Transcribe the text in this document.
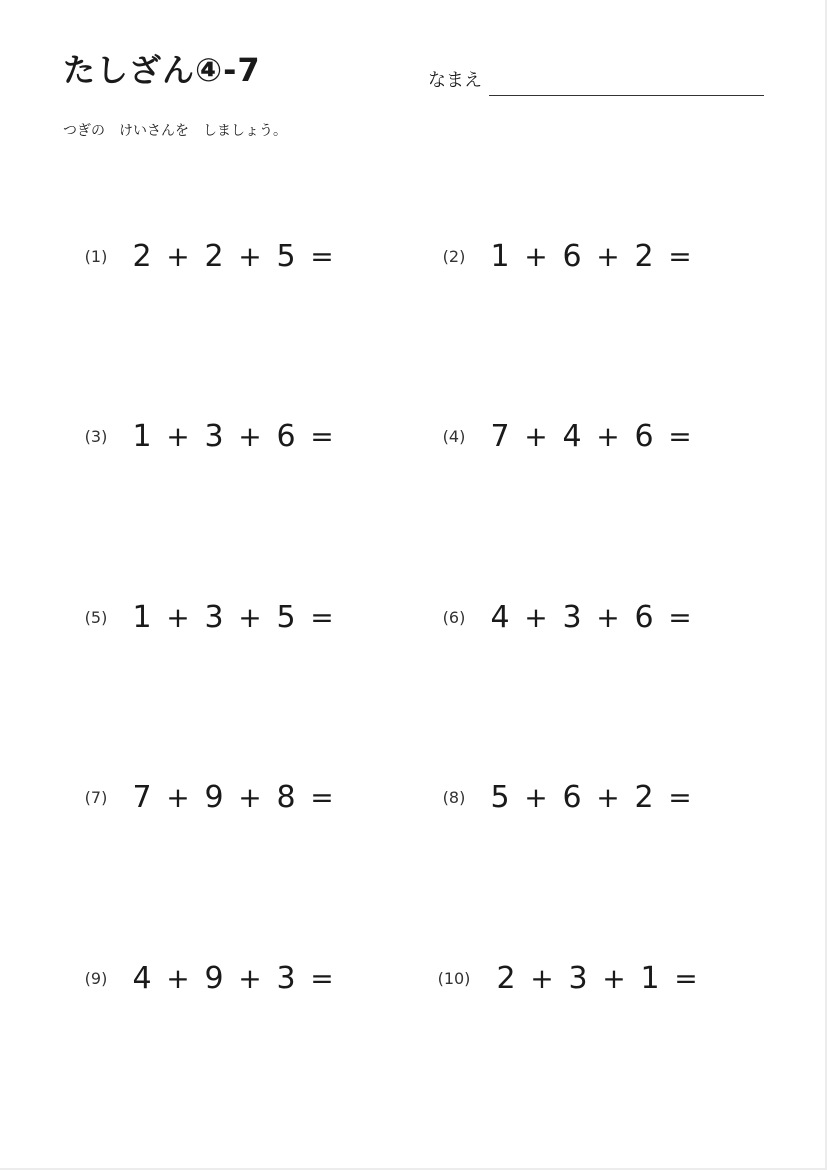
たしざん④-7	なまえ
つぎの　けいさんを　しましょう。
(1) 2 + 2 + 5 =	(2) 1 + 6 + 2 =
(3) 1 + 3 + 6 =	(4) 7 + 4 + 6 =
(5) 1 + 3 + 5 =	(6) 4 + 3 + 6 =
(7) 7 + 9 + 8 =	(8) 5 + 6 + 2 =
(9) 4 + 9 + 3 =	(10) 2 + 3 + 1 =
